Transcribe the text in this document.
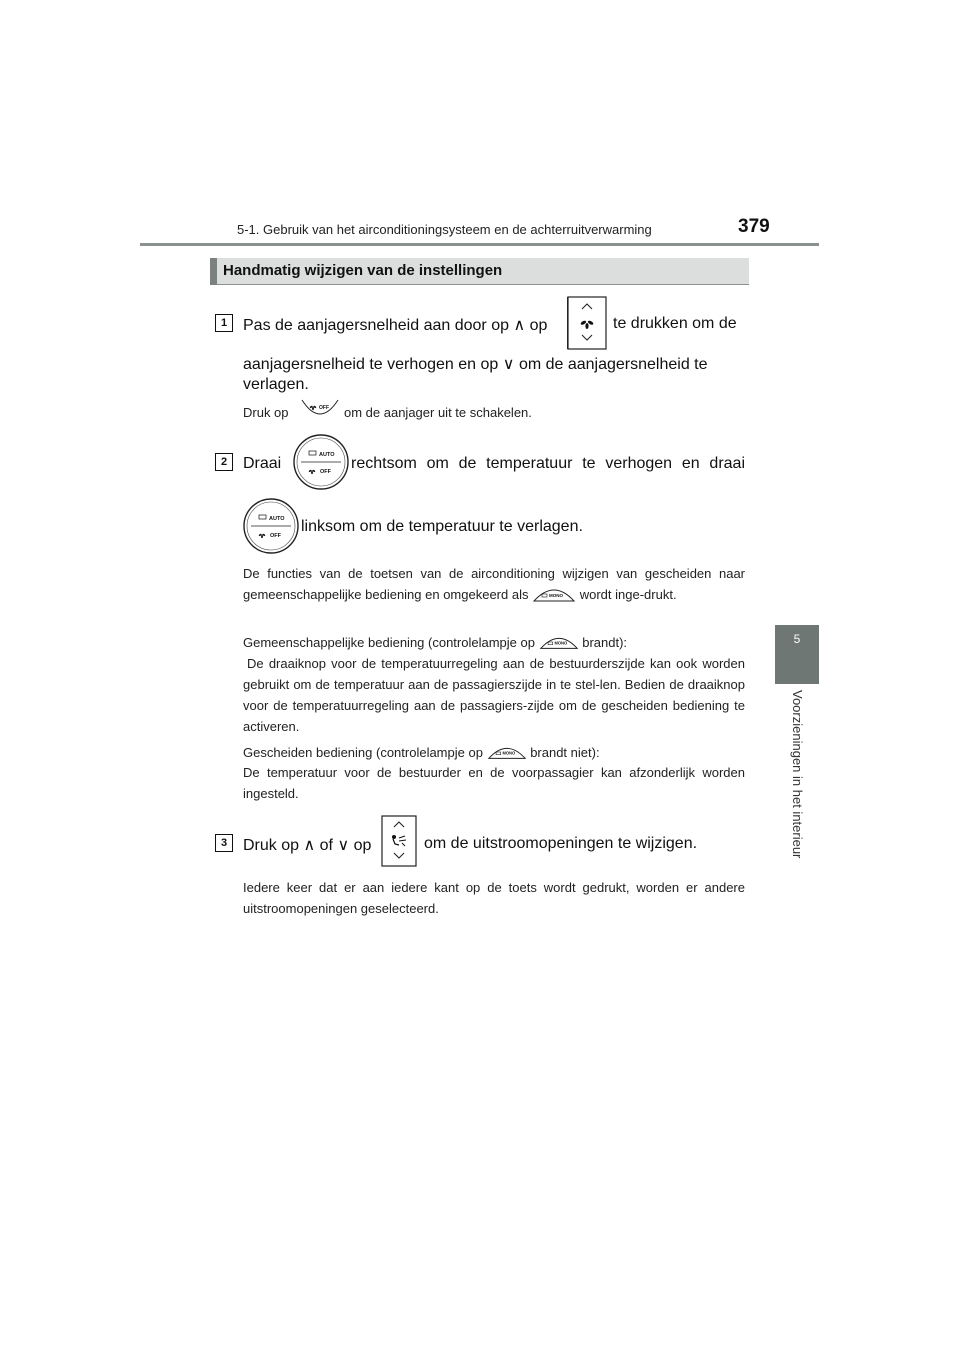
5-1. Gebruik van het airconditioningsysteem en de achterruitverwarming	379
5
Voorzieningen in het interieur
Handmatig wijzigen van de instellingen
1 Pas de aanjagersnelheid aan door op ∧ op	te drukken om de
aanjagersnelheid te verhogen en op ∨ om de aanjagersnelheid te
verlagen.
Druk op	OFF om de aanjager uit te schakelen.
2 Draai	AUTO
OFF rechtsom om de temperatuur te verhogen en draai
AUTO
OFF
linksom om de temperatuur te verlagen.
De functies van de toetsen van de airconditioning wijzigen van gescheiden naar gemeenschappelijke bediening en omgekeerd als	MONO wordt inge-drukt.
Gemeenschappelijke bediening (controlelampje op	MONO brandt):
De draaiknop voor de temperatuurregeling aan de bestuurderszijde kan ook worden gebruikt om de temperatuur aan de passagierszijde in te stel-len. Bedien de draaiknop voor de temperatuurregeling aan de passagiers-zijde om de gescheiden bediening te activeren.
Gescheiden bediening (controlelampje op	MONO brandt niet):
De temperatuur voor de bestuurder en de voorpassagier kan afzonderlijk worden ingesteld.
3 Druk op ∧ of ∨ op	om de uitstroomopeningen te wijzigen.
Iedere keer dat er aan iedere kant op de toets wordt gedrukt, worden er andere uitstroomopeningen geselecteerd.
